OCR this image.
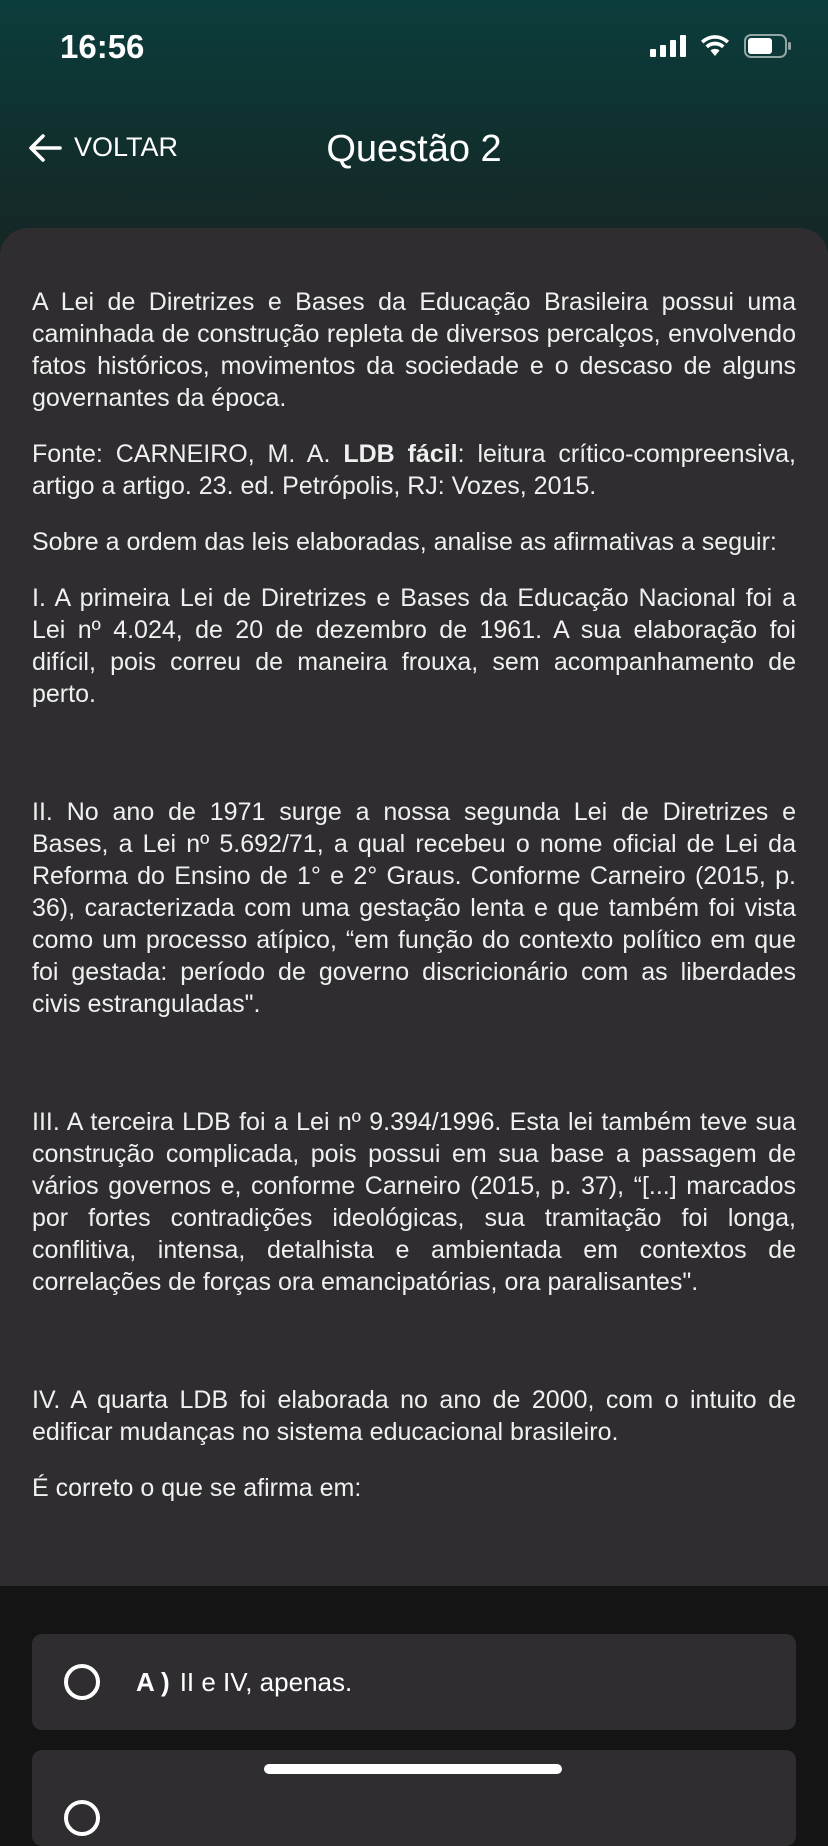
16:56
VOLTAR	Questão 2

A Lei de Diretrizes e Bases da Educação Brasileira possui uma caminhada de construção repleta de diversos percalços, envolvendo fatos históricos, movimentos da sociedade e o descaso de alguns governantes da época.

Fonte: CARNEIRO, M. A. LDB fácil: leitura crítico-compreensiva, artigo a artigo. 23. ed. Petrópolis, RJ: Vozes, 2015.

Sobre a ordem das leis elaboradas, analise as afirmativas a seguir:

I. A primeira Lei de Diretrizes e Bases da Educação Nacional foi a Lei nº 4.024, de 20 de dezembro de 1961. A sua elaboração foi difícil, pois correu de maneira frouxa, sem acompanhamento de perto.

II. No ano de 1971 surge a nossa segunda Lei de Diretrizes e Bases, a Lei nº 5.692/71, a qual recebeu o nome oficial de Lei da Reforma do Ensino de 1° e 2° Graus. Conforme Carneiro (2015, p. 36), caracterizada com uma gestação lenta e que também foi vista como um processo atípico, “em função do contexto político em que foi gestada: período de governo discricionário com as liberdades civis estranguladas".

III. A terceira LDB foi a Lei nº 9.394/1996. Esta lei também teve sua construção complicada, pois possui em sua base a passagem de vários governos e, conforme Carneiro (2015, p. 37), “[...] marcados por fortes contradições ideológicas, sua tramitação foi longa, conflitiva, intensa, detalhista e ambientada em contextos de correlações de forças ora emancipatórias, ora paralisantes".

IV. A quarta LDB foi elaborada no ano de 2000, com o intuito de edificar mudanças no sistema educacional brasileiro.

É correto o que se afirma em:

A ) II e IV, apenas.
